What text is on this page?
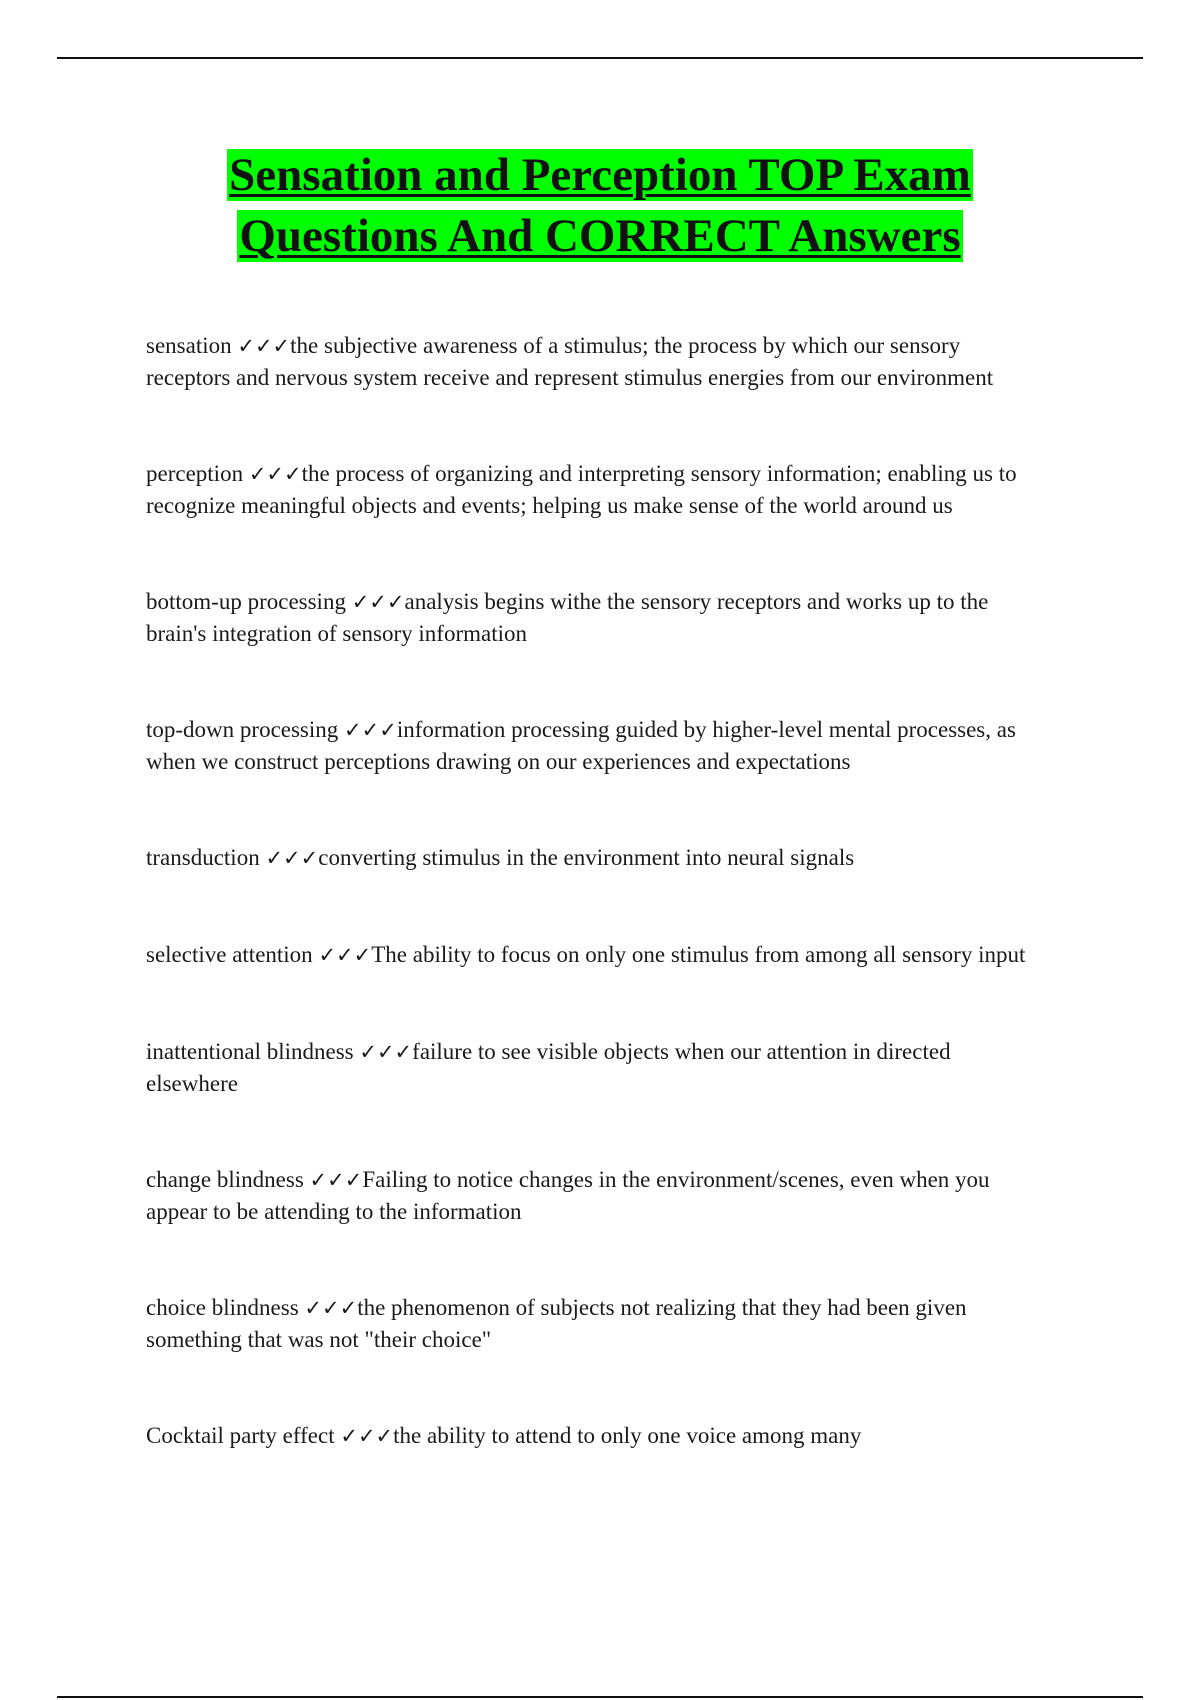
Sensation and Perception TOP Exam
Questions And CORRECT Answers
sensation ✓✓✓the subjective awareness of a stimulus; the process by which our sensory receptors and nervous system receive and represent stimulus energies from our environment
perception ✓✓✓the process of organizing and interpreting sensory information; enabling us to recognize meaningful objects and events; helping us make sense of the world around us
bottom-up processing ✓✓✓analysis begins withe the sensory receptors and works up to the brain's integration of sensory information
top-down processing ✓✓✓information processing guided by higher-level mental processes, as when we construct perceptions drawing on our experiences and expectations
transduction ✓✓✓converting stimulus in the environment into neural signals
selective attention ✓✓✓The ability to focus on only one stimulus from among all sensory input
inattentional blindness ✓✓✓failure to see visible objects when our attention in directed elsewhere
change blindness ✓✓✓Failing to notice changes in the environment/scenes, even when you appear to be attending to the information
choice blindness ✓✓✓the phenomenon of subjects not realizing that they had been given something that was not "their choice"
Cocktail party effect ✓✓✓the ability to attend to only one voice among many
